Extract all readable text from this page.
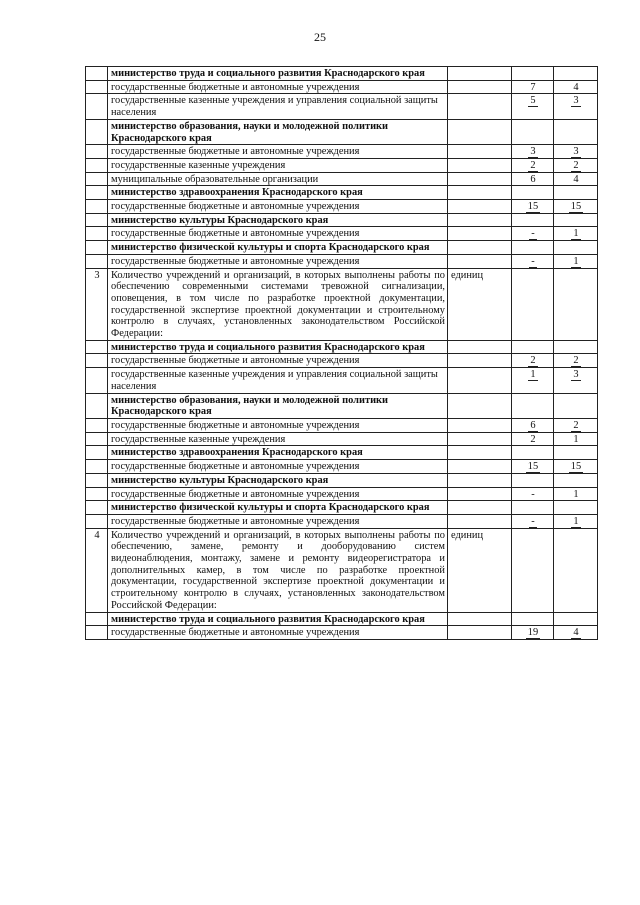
25
	министерство труда и социального развития Краснодарского края			
	государственные бюджетные и автономные учреждения		7	4
	государственные казенные учреждения и управления социальной защиты населения		5	3
	министерство образования, науки и молодежной политики Краснодарского края			
	государственные бюджетные и автономные учреждения		3	3
	государственные казенные учреждения		2	2
	муниципальные образовательные организации		6	4
	министерство здравоохранения Краснодарского края			
	государственные бюджетные и автономные учреждения		15	15
	министерство культуры Краснодарского края			
	государственные бюджетные и автономные учреждения		-	1
	министерство физической культуры и спорта Краснодарского края			
	государственные бюджетные и автономные учреждения		-	1
3	Количество учреждений и организаций, в которых выполнены работы по обеспечению современными системами тревожной сигнализации, оповещения, в том числе по разработке проектной документации, государственной экспертизе проектной документации и строительному контролю в случаях, установленных законодательством Российской Федерации:	единиц		
	министерство труда и социального развития Краснодарского края			
	государственные бюджетные и автономные учреждения		2	2
	государственные казенные учреждения и управления социальной защиты населения		1	3
	министерство образования, науки и молодежной политики Краснодарского края			
	государственные бюджетные и автономные учреждения		6	2
	государственные казенные учреждения		2	1
	министерство здравоохранения Краснодарского края			
	государственные бюджетные и автономные учреждения		15	15
	министерство культуры Краснодарского края			
	государственные бюджетные и автономные учреждения		-	1
	министерство физической культуры и спорта Краснодарского края			
	государственные бюджетные и автономные учреждения		-	1
4	Количество учреждений и организаций, в которых выполнены работы по обеспечению, замене, ремонту и дооборудованию систем видеонаблюдения, монтажу, замене и ремонту видеорегистратора и дополнительных камер, в том числе по разработке проектной документации, государственной экспертизе проектной документации и строительному контролю в случаях, установленных законодательством Российской Федерации:	единиц		
	министерство труда и социального развития Краснодарского края			
	государственные бюджетные и автономные учреждения		19	4
